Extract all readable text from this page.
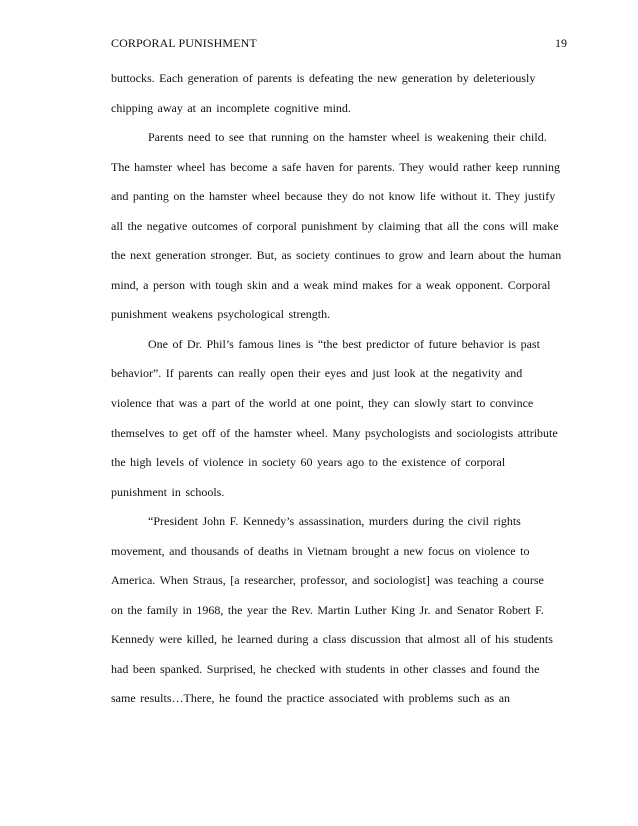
CORPORAL PUNISHMENT	19
buttocks. Each generation of parents is defeating the new generation by deleteriously
chipping away at an incomplete cognitive mind.
Parents need to see that running on the hamster wheel is weakening their child.
The hamster wheel has become a safe haven for parents. They would rather keep running
and panting on the hamster wheel because they do not know life without it. They justify
all the negative outcomes of corporal punishment by claiming that all the cons will make
the next generation stronger. But, as society continues to grow and learn about the human
mind, a person with tough skin and a weak mind makes for a weak opponent. Corporal
punishment weakens psychological strength.
One of Dr. Phil’s famous lines is “the best predictor of future behavior is past
behavior”. If parents can really open their eyes and just look at the negativity and
violence that was a part of the world at one point, they can slowly start to convince
themselves to get off of the hamster wheel. Many psychologists and sociologists attribute
the high levels of violence in society 60 years ago to the existence of corporal
punishment in schools.
“President John F. Kennedy’s assassination, murders during the civil rights
movement, and thousands of deaths in Vietnam brought a new focus on violence to
America. When Straus, [a researcher, professor, and sociologist] was teaching a course
on the family in 1968, the year the Rev. Martin Luther King Jr. and Senator Robert F.
Kennedy were killed, he learned during a class discussion that almost all of his students
had been spanked. Surprised, he checked with students in other classes and found the
same results…There, he found the practice associated with problems such as an
